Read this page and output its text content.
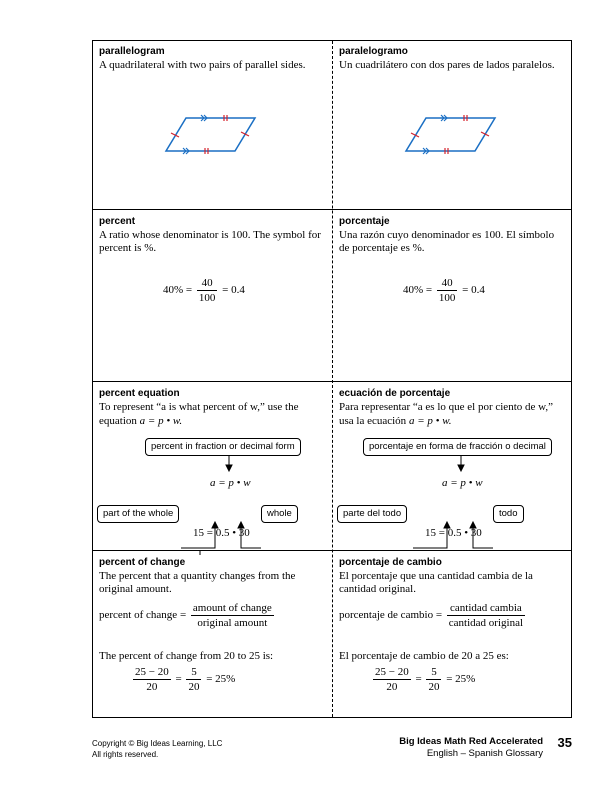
parallelogram
A quadrilateral with two pairs of parallel sides.
paralelogramo
Un cuadrilátero con dos pares de lados paralelos.
percent
A ratio whose denominator is 100. The symbol for percent is %.
$40\% = \frac{40}{100} = 0.4$
porcentaje
Una razón cuyo denominador es 100. El símbolo de porcentaje es %.
$40\% = \frac{40}{100} = 0.4$
percent equation
To represent “a is what percent of w,” use the
equation a = p • w.
percent in fraction or decimal form
a = p • w
part of the whole	whole
15 = 0.5 • 30
ecuación de porcentaje
Para representar “a es lo que el por ciento de w,”
usa la ecuación a = p • w.
porcentaje en forma de fracción o decimal
a = p • w
parte del todo	todo
15 = 0.5 • 30
percent of change
The percent that a quantity changes from the original amount.
percent of change = $\frac{\text{amount of change}}{\text{original amount}}$
The percent of change from 20 to 25 is:
$\frac{25 - 20}{20} = \frac{5}{20} = 25\%$
porcentaje de cambio
El porcentaje que una cantidad cambia de la cantidad original.
porcentaje de cambio = $\frac{\text{cantidad cambia}}{\text{cantidad original}}$
El porcentaje de cambio de 20 a 25 es:
$\frac{25 - 20}{20} = \frac{5}{20} = 25\%$
Copyright © Big Ideas Learning, LLC
All rights reserved.
Big Ideas Math Red Accelerated
English – Spanish Glossary
35
